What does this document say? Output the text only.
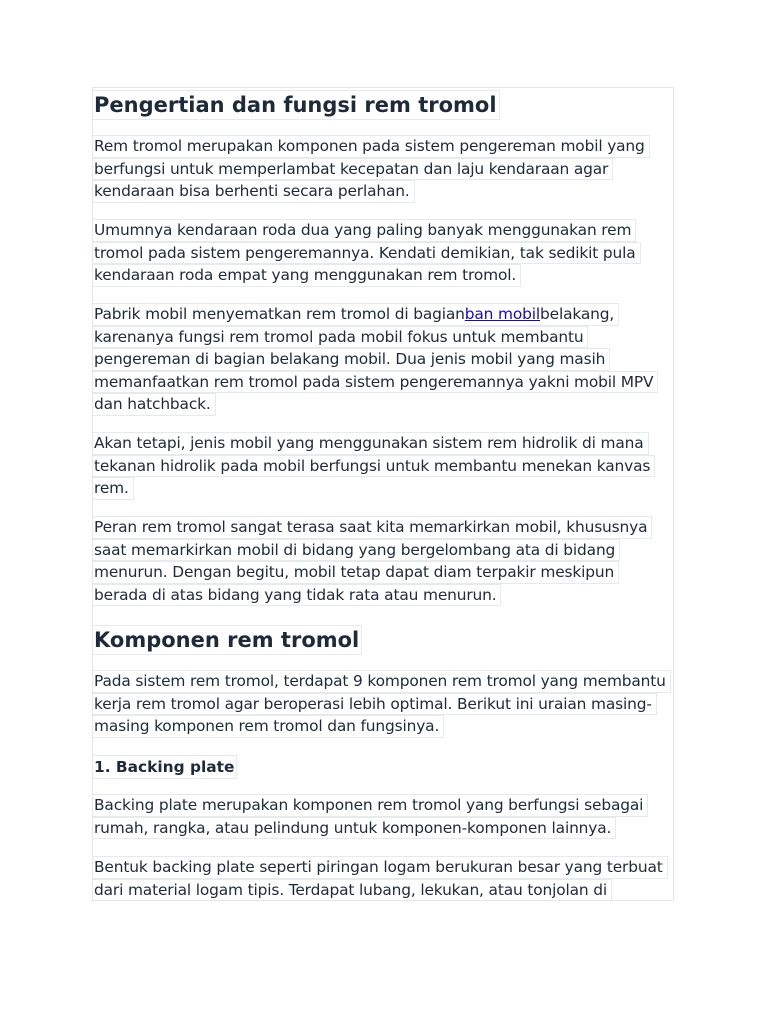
Pengertian dan fungsi rem tromol

Rem tromol merupakan komponen pada sistem pengereman mobil yang
berfungsi untuk memperlambat kecepatan dan laju kendaraan agar
kendaraan bisa berhenti secara perlahan.

Umumnya kendaraan roda dua yang paling banyak menggunakan rem
tromol pada sistem pengeremannya. Kendati demikian, tak sedikit pula
kendaraan roda empat yang menggunakan rem tromol.

Pabrik mobil menyematkan rem tromol di bagianban mobilbelakang,
karenanya fungsi rem tromol pada mobil fokus untuk membantu
pengereman di bagian belakang mobil. Dua jenis mobil yang masih
memanfaatkan rem tromol pada sistem pengeremannya yakni mobil MPV
dan hatchback.

Akan tetapi, jenis mobil yang menggunakan sistem rem hidrolik di mana
tekanan hidrolik pada mobil berfungsi untuk membantu menekan kanvas
rem.

Peran rem tromol sangat terasa saat kita memarkirkan mobil, khususnya
saat memarkirkan mobil di bidang yang bergelombang ata di bidang
menurun. Dengan begitu, mobil tetap dapat diam terpakir meskipun
berada di atas bidang yang tidak rata atau menurun.

Komponen rem tromol

Pada sistem rem tromol, terdapat 9 komponen rem tromol yang membantu
kerja rem tromol agar beroperasi lebih optimal. Berikut ini uraian masing-
masing komponen rem tromol dan fungsinya.

1. Backing plate

Backing plate merupakan komponen rem tromol yang berfungsi sebagai
rumah, rangka, atau pelindung untuk komponen-komponen lainnya.

Bentuk backing plate seperti piringan logam berukuran besar yang terbuat
dari material logam tipis. Terdapat lubang, lekukan, atau tonjolan di
